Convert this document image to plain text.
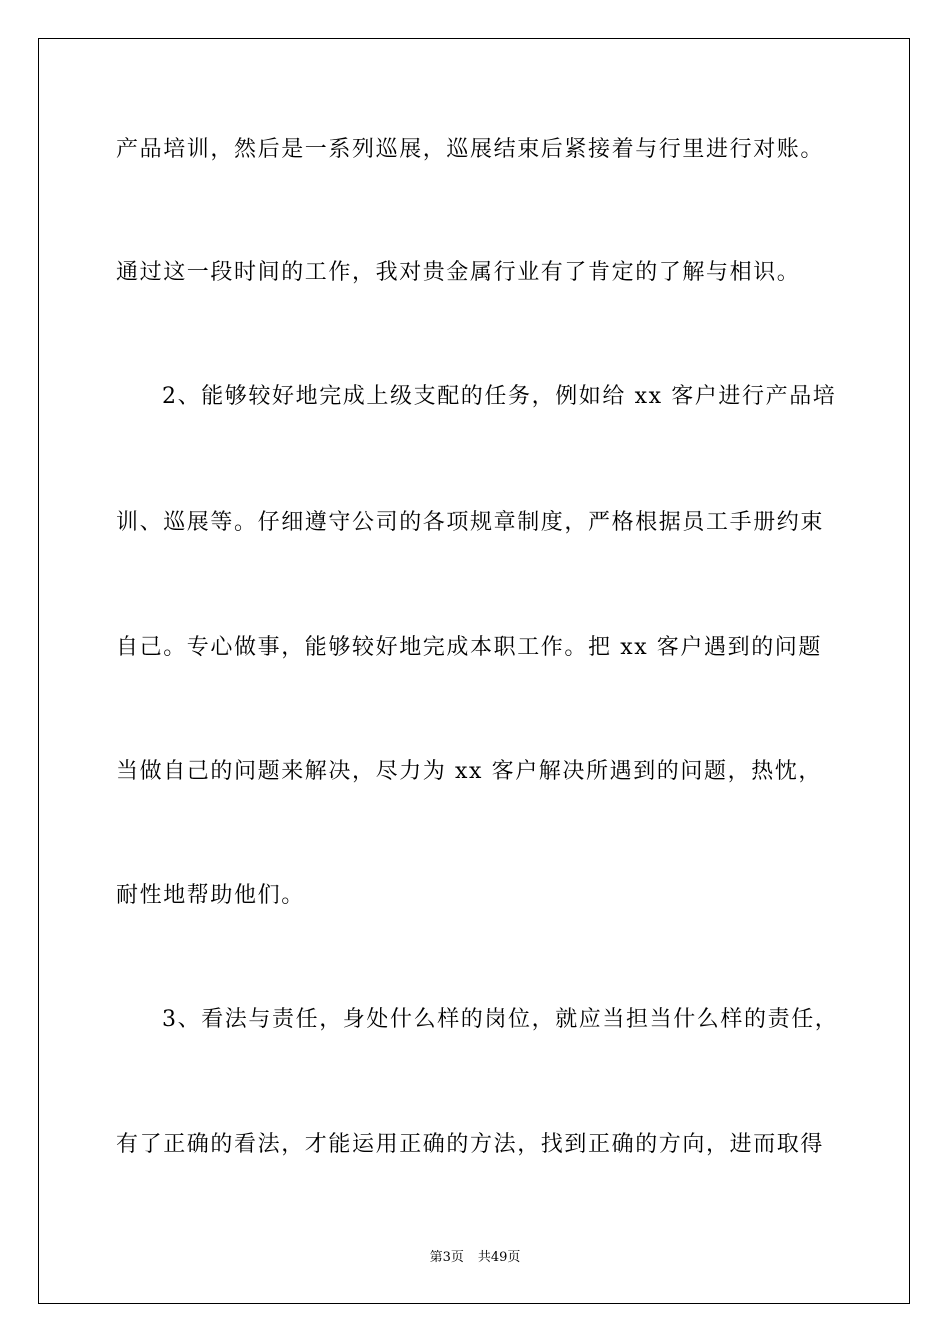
产品培训，然后是一系列巡展，巡展结束后紧接着与行里进行对账。

通过这一段时间的工作，我对贵金属行业有了肯定的了解与相识。

2、能够较好地完成上级支配的任务，例如给 xx 客户进行产品培

训、巡展等。仔细遵守公司的各项规章制度，严格根据员工手册约束

自己。专心做事，能够较好地完成本职工作。把 xx 客户遇到的问题

当做自己的问题来解决，尽力为 xx 客户解决所遇到的问题，热忱，

耐性地帮助他们。

3、看法与责任，身处什么样的岗位，就应当担当什么样的责任，

有了正确的看法，才能运用正确的方法，找到正确的方向，进而取得

第3页 共49页
